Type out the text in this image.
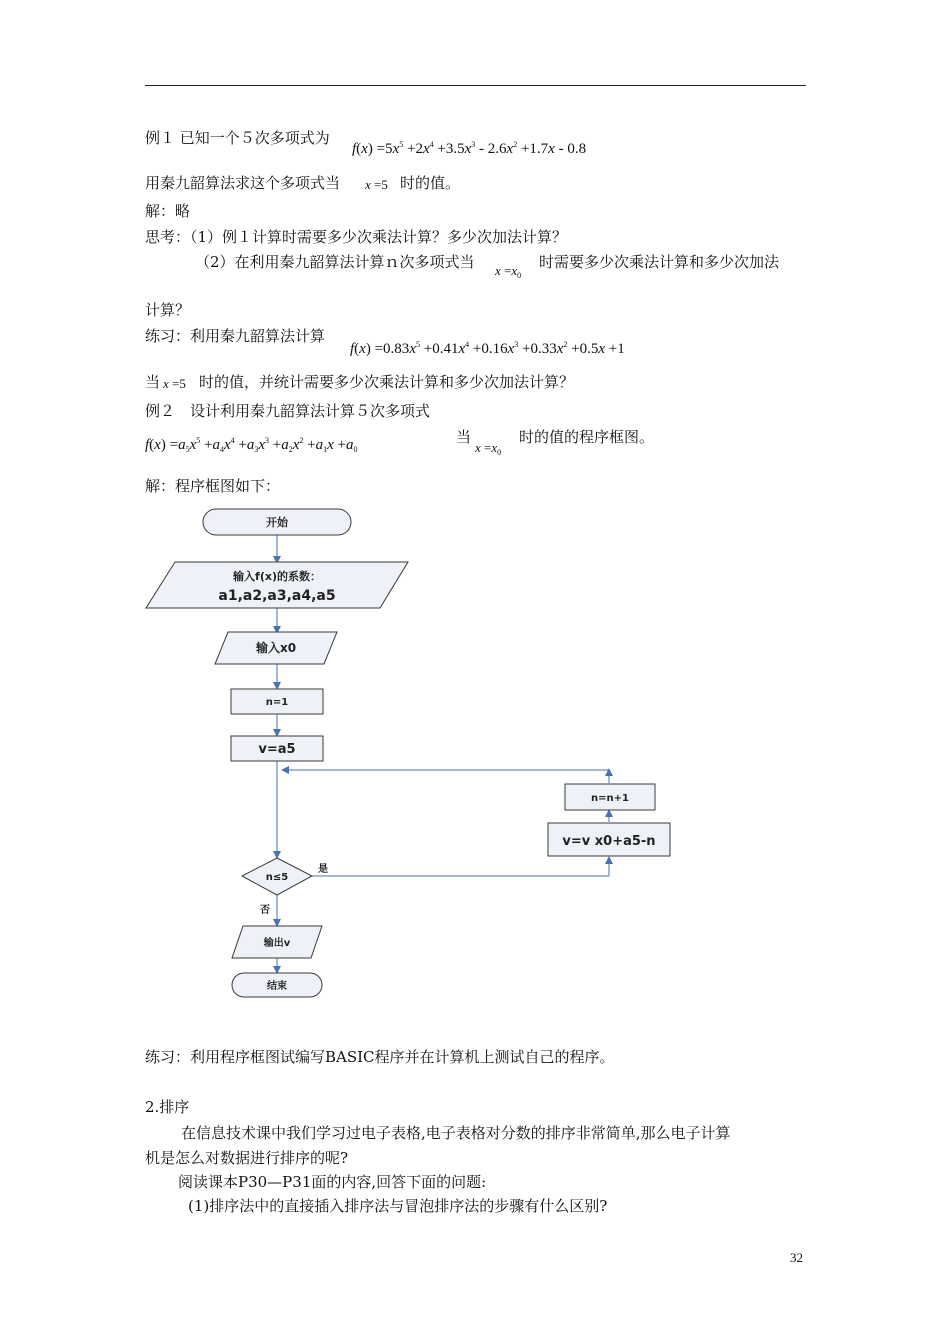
例１ 已知一个５次多项式为
$f(x) =5x^5 +2x^4 +3.5x^3 - 2.6x^2 +1.7x - 0.8$
用秦九韶算法求这个多项式当 x =5 时的值。
解：略
思考：（1）例１计算时需要多少次乘法计算？多少次加法计算？
（2）在利用秦九韶算法计算ｎ次多项式当 $x =x_0$
时需要多少次乘法计算和多少次加法
计算？
练习：利用秦九韶算法计算
$f(x) =0.83x^5 +0.41x^4 +0.16x^3 +0.33x^2 +0.5x +1$
当 x =5 时的值，并统计需要多少次乘法计算和多少次加法计算？
例２　设计利用秦九韶算法计算５次多项式
$f(x) =a_5x^5 +a_4x^4 +a_3x^3 +a_2x^2 +a_1x +a_0$
当
$x =x_0$
时的值的程序框图。
解：程序框图如下：
开始
输入f(x)的系数：
a1,a2,a3,a4,a5
输入x0
n=1
v=a5
n=n+1
v=v x0+a5-n
n≤5
是
否
输出v
结束
练习：利用程序框图试编写BASIC程序并在计算机上测试自己的程序。
2.排序
在信息技术课中我们学习过电子表格,电子表格对分数的排序非常简单,那么电子计算
机是怎么对数据进行排序的呢?
阅读课本P30—P31面的内容,回答下面的问题:
(1)排序法中的直接插入排序法与冒泡排序法的步骤有什么区别?
32
